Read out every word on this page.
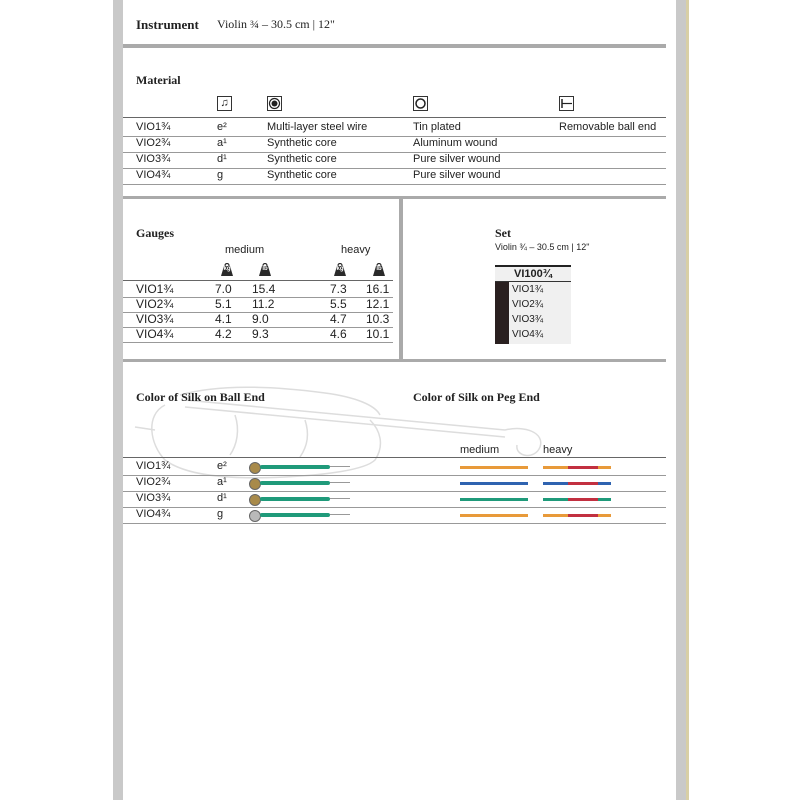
Instrument Violin ¾ – 30.5 cm | 12"
Material
♫
VIO1¾	e²	Multi-layer steel wire	Tin plated	Removable ball end
VIO2¾	a¹	Synthetic core	Aluminum wound
VIO3¾	d¹	Synthetic core	Pure silver wound
VIO4¾	g	Synthetic core	Pure silver wound
Gauges
medium	heavy
kg	lb	kg	lb
VIO1¾	7.0 15.4	7.3 16.1
VIO2¾	5.1 11.2	5.5 12.1
VIO3¾	4.1 9.0	4.7 10.3
VIO4¾	4.2 9.3	4.6 10.1
Set
Violin ¾ – 30.5 cm | 12"
VI100¾
VIO1¾
VIO2¾
VIO3¾
VIO4¾
Color of Silk on Ball End	Color of Silk on Peg End
medium	heavy
VIO1¾	e²
VIO2¾	a¹
VIO3¾	d¹
VIO4¾	g
